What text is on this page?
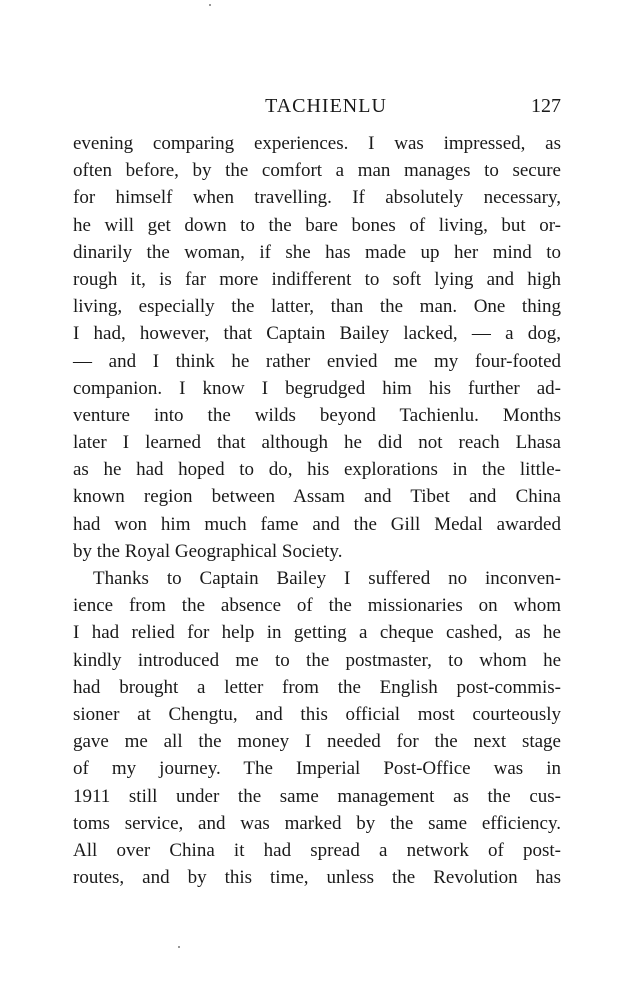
TACHIENLU	127
evening comparing experiences. I was impressed, as
often before, by the comfort a man manages to secure
for himself when travelling. If absolutely necessary,
he will get down to the bare bones of living, but or-
dinarily the woman, if she has made up her mind to
rough it, is far more indifferent to soft lying and high
living, especially the latter, than the man. One thing
I had, however, that Captain Bailey lacked, — a dog,
— and I think he rather envied me my four-footed
companion. I know I begrudged him his further ad-
venture into the wilds beyond Tachienlu. Months
later I learned that although he did not reach Lhasa
as he had hoped to do, his explorations in the little-
known region between Assam and Tibet and China
had won him much fame and the Gill Medal awarded
by the Royal Geographical Society.
Thanks to Captain Bailey I suffered no inconven-
ience from the absence of the missionaries on whom
I had relied for help in getting a cheque cashed, as he
kindly introduced me to the postmaster, to whom he
had brought a letter from the English post-commis-
sioner at Chengtu, and this official most courteously
gave me all the money I needed for the next stage
of my journey. The Imperial Post-Office was in
1911 still under the same management as the cus-
toms service, and was marked by the same efficiency.
All over China it had spread a network of post-
routes, and by this time, unless the Revolution has
